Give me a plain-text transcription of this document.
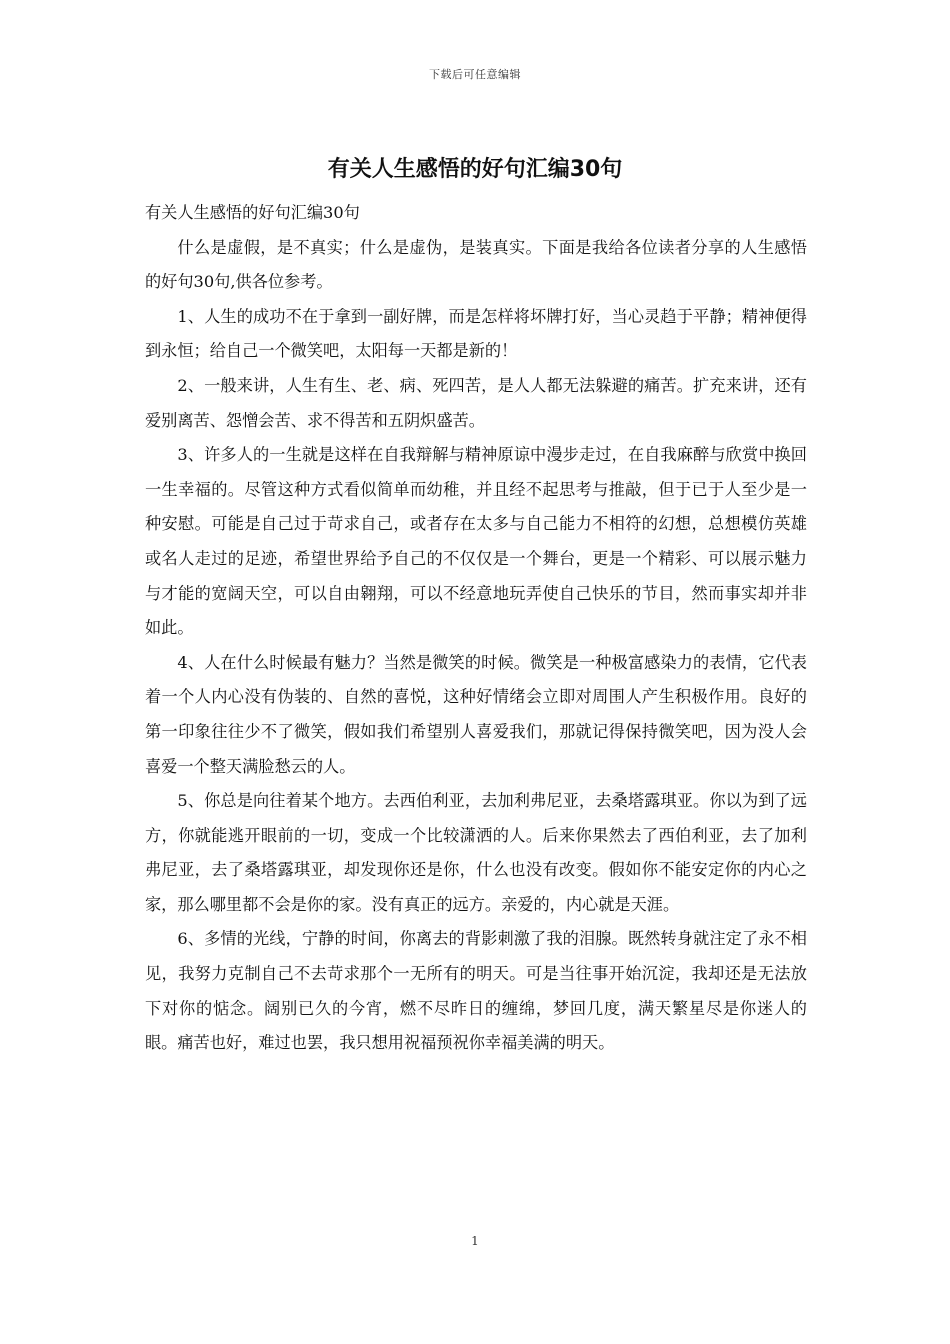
下载后可任意编辑
有关人生感悟的好句汇编30句

有关人生感悟的好句汇编30句

什么是虚假，是不真实；什么是虚伪，是装真实。下面是我给各位读者分享的人生感悟的好句30句,供各位参考。

1、人生的成功不在于拿到一副好牌，而是怎样将坏牌打好，当心灵趋于平静；精神便得到永恒；给自己一个微笑吧，太阳每一天都是新的！

2、一般来讲，人生有生、老、病、死四苦，是人人都无法躲避的痛苦。扩充来讲，还有爱别离苦、怨憎会苦、求不得苦和五阴炽盛苦。

3、许多人的一生就是这样在自我辩解与精神原谅中漫步走过，在自我麻醉与欣赏中换回一生幸福的。尽管这种方式看似简单而幼稚，并且经不起思考与推敲，但于已于人至少是一种安慰。可能是自己过于苛求自己，或者存在太多与自己能力不相符的幻想，总想模仿英雄或名人走过的足迹，希望世界给予自己的不仅仅是一个舞台，更是一个精彩、可以展示魅力与才能的宽阔天空，可以自由翱翔，可以不经意地玩弄使自己快乐的节目，然而事实却并非如此。

4、人在什么时候最有魅力？当然是微笑的时候。微笑是一种极富感染力的表情，它代表着一个人内心没有伪装的、自然的喜悦，这种好情绪会立即对周围人产生积极作用。良好的第一印象往往少不了微笑，假如我们希望别人喜爱我们，那就记得保持微笑吧，因为没人会喜爱一个整天满脸愁云的人。

5、你总是向往着某个地方。去西伯利亚，去加利弗尼亚，去桑塔露琪亚。你以为到了远方，你就能逃开眼前的一切，变成一个比较潇洒的人。后来你果然去了西伯利亚，去了加利弗尼亚，去了桑塔露琪亚，却发现你还是你，什么也没有改变。假如你不能安定你的内心之家，那么哪里都不会是你的家。没有真正的远方。亲爱的，内心就是天涯。

6、多情的光线，宁静的时间，你离去的背影刺激了我的泪腺。既然转身就注定了永不相见，我努力克制自己不去苛求那个一无所有的明天。可是当往事开始沉淀，我却还是无法放下对你的惦念。阔别已久的今宵，燃不尽昨日的缠绵，梦回几度，满天繁星尽是你迷人的眼。痛苦也好，难过也罢，我只想用祝福预祝你幸福美满的明天。

1
